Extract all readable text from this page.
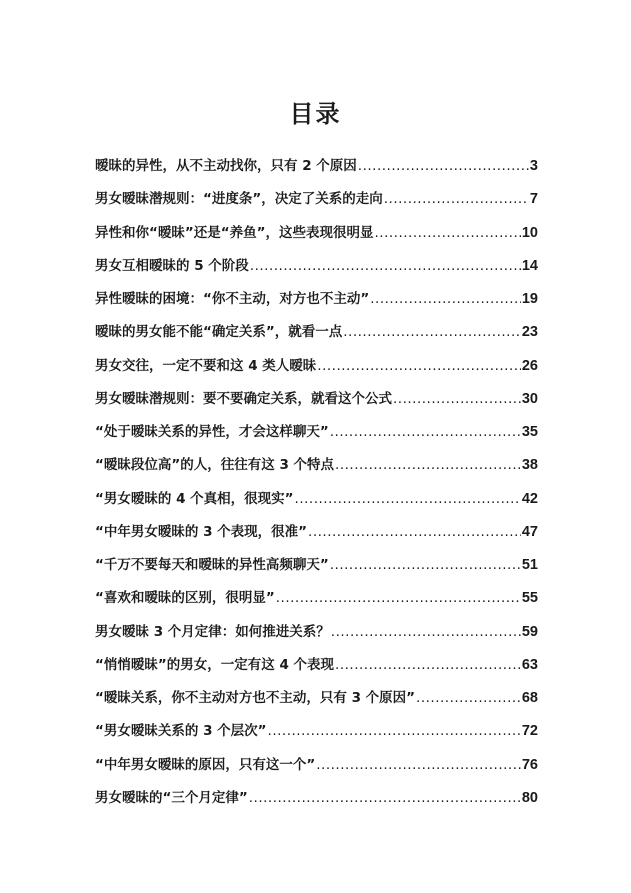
目录
暧昧的异性，从不主动找你，只有 2 个原因 .....	3
男女暧昧潜规则：“进度条”，决定了关系的走向 .....	7
异性和你“暧昧”还是“养鱼”，这些表现很明显 .....	10
男女互相暧昧的 5 个阶段 .....	14
异性暧昧的困境：“你不主动，对方也不主动” .....	19
暧昧的男女能不能“确定关系”，就看一点 .....	23
男女交往，一定不要和这 4 类人暧昧 .....	26
男女暧昧潜规则：要不要确定关系，就看这个公式 .....	30
“处于暧昧关系的异性，才会这样聊天” .....	35
“暧昧段位高”的人，往往有这 3 个特点 .....	38
“男女暧昧的 4 个真相，很现实” .....	42
“中年男女暧昧的 3 个表现，很准” .....	47
“千万不要每天和暧昧的异性高频聊天” .....	51
“喜欢和暧昧的区别，很明显” .....	55
男女暧昧 3 个月定律：如何推进关系？ .....	59
“悄悄暧昧”的男女，一定有这 4 个表现 .....	63
“暧昧关系，你不主动对方也不主动，只有 3 个原因” .....	68
“男女暧昧关系的 3 个层次” .....	72
“中年男女暧昧的原因，只有这一个” .....	76
男女暧昧的“三个月定律” .....	80
